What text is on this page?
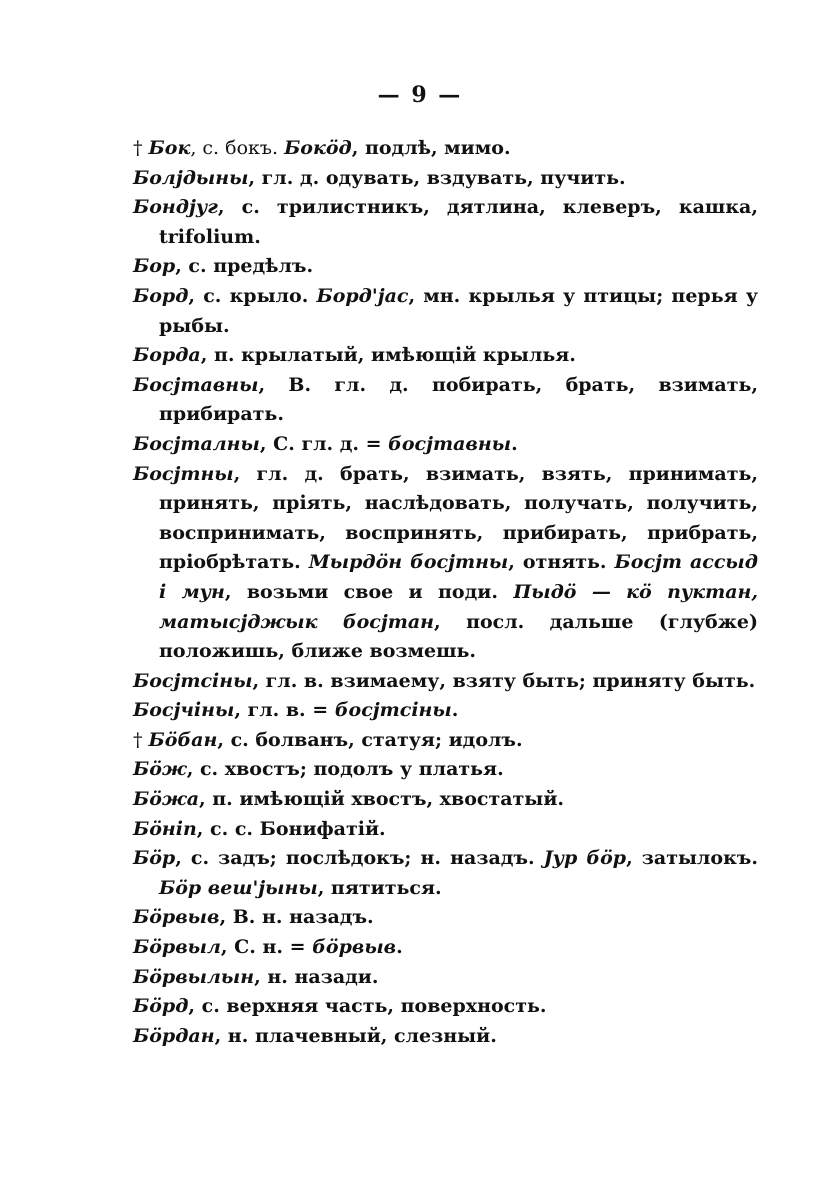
— 9 —

† Бок, с. бокъ. Бокöд, подлѣ, мимо.

Болјдыны, гл. д. одувать, вздувать, пучить.

Бондјуг, с. трилистникъ, дятлина, клеверъ, кашка, trifolium.

Бор, с. предѣлъ.

Борд, с. крыло. Борд'јас, мн. крылья у птицы; перья у рыбы.

Борда, п. крылатый, имѣющій крылья.

Босјтавны, В. гл. д. побирать, брать, взимать, прибирать.

Босјталны, С. гл. д. = босјтавны.

Босјтны, гл. д. брать, взимать, взять, принимать, принять, пріять, наслѣдовать, получать, получить, воспринимать, воспринять, прибирать, прибрать, пріобрѣтать. Мырдöн босјтны, отнять. Босјт ассыд і мун, возьми свое и поди. Пыдö — кö пуктан, матысјджык босјтан, посл. дальше (глубже) положишь, ближе возмешь.

Босјтсіны, гл. в. взимаему, взяту быть; приняту быть.

Босјчіны, гл. в. = босјтсіны.

† Бöбан, с. болванъ, статуя; идолъ.

Бöж, с. хвостъ; подолъ у платья.

Бöжа, п. имѣющій хвостъ, хвостатый.

Бöніп, с. с. Бонифатій.

Бöр, с. задъ; послѣдокъ; н. назадъ. Јур бöр, затылокъ. Бöр веш'јыны, пятиться.

Бöрвыв, В. н. назадъ.

Бöрвыл, С. н. = бöрвыв.

Бöрвылын, н. назади.

Бöрд, с. верхняя часть, поверхность.

Бöрдан, н. плачевный, слезный.
